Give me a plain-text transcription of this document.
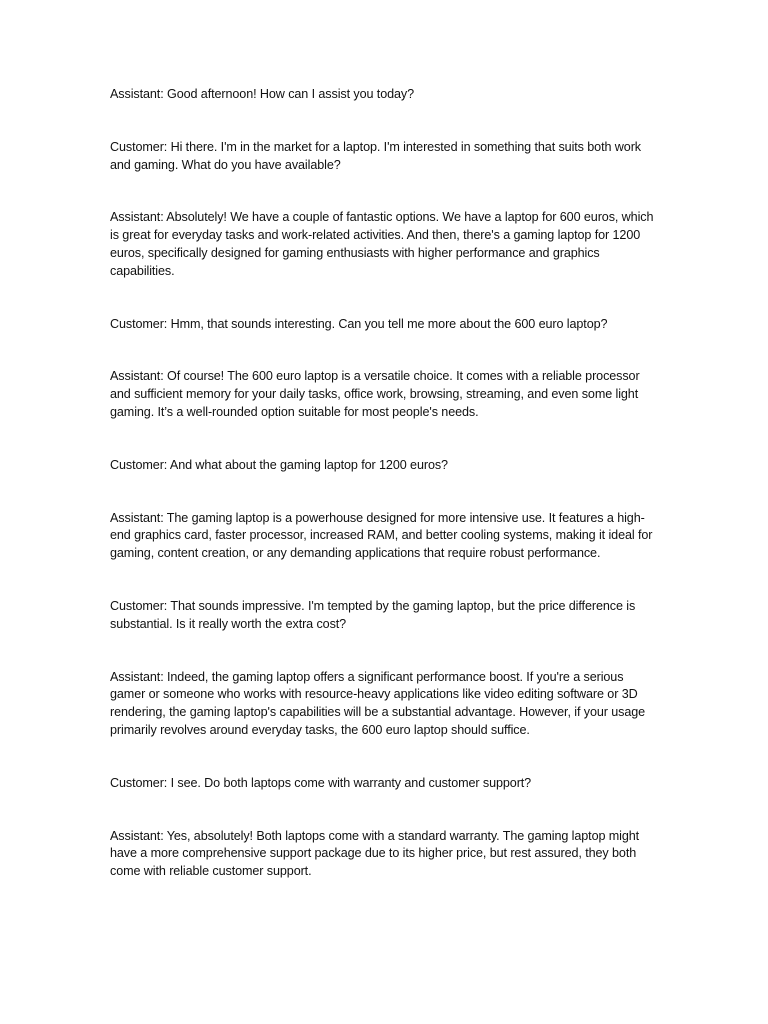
Assistant: Good afternoon! How can I assist you today?

Customer: Hi there. I'm in the market for a laptop. I'm interested in something that suits both work and gaming. What do you have available?

Assistant: Absolutely! We have a couple of fantastic options. We have a laptop for 600 euros, which is great for everyday tasks and work-related activities. And then, there's a gaming laptop for 1200 euros, specifically designed for gaming enthusiasts with higher performance and graphics capabilities.

Customer: Hmm, that sounds interesting. Can you tell me more about the 600 euro laptop?

Assistant: Of course! The 600 euro laptop is a versatile choice. It comes with a reliable processor and sufficient memory for your daily tasks, office work, browsing, streaming, and even some light gaming. It’s a well-rounded option suitable for most people's needs.

Customer: And what about the gaming laptop for 1200 euros?

Assistant: The gaming laptop is a powerhouse designed for more intensive use. It features a high-end graphics card, faster processor, increased RAM, and better cooling systems, making it ideal for gaming, content creation, or any demanding applications that require robust performance.

Customer: That sounds impressive. I'm tempted by the gaming laptop, but the price difference is substantial. Is it really worth the extra cost?

Assistant: Indeed, the gaming laptop offers a significant performance boost. If you're a serious gamer or someone who works with resource-heavy applications like video editing software or 3D rendering, the gaming laptop's capabilities will be a substantial advantage. However, if your usage primarily revolves around everyday tasks, the 600 euro laptop should suffice.

Customer: I see. Do both laptops come with warranty and customer support?

Assistant: Yes, absolutely! Both laptops come with a standard warranty. The gaming laptop might have a more comprehensive support package due to its higher price, but rest assured, they both come with reliable customer support.
